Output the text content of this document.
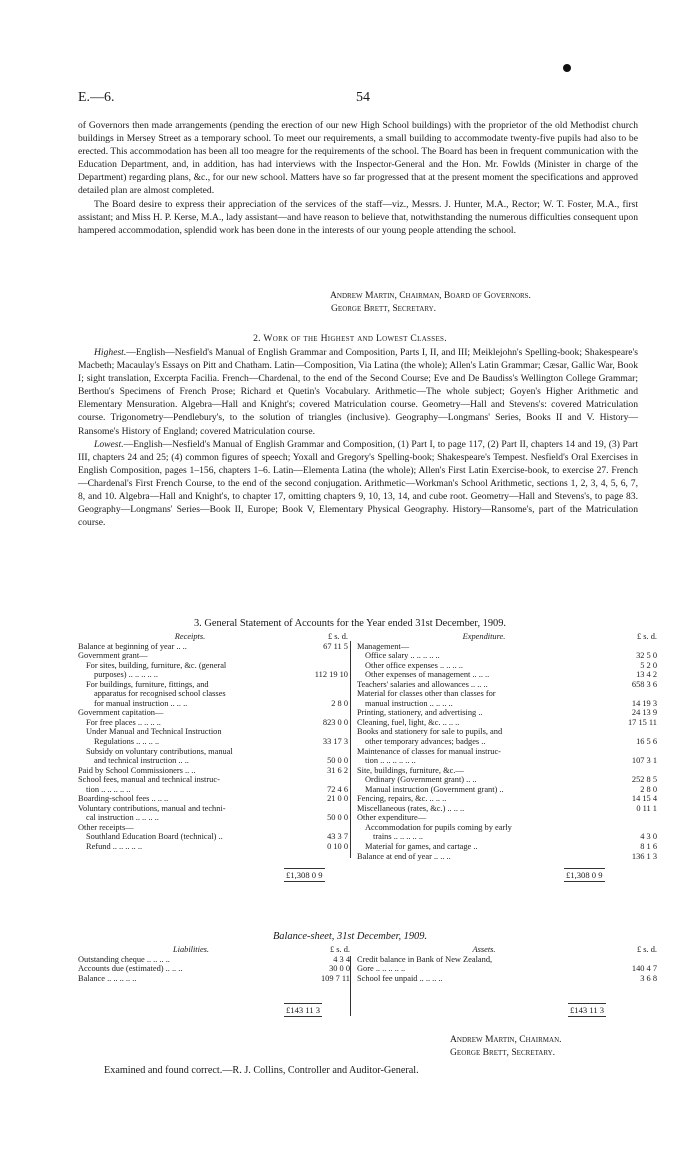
E.—6.	54

of Governors then made arrangements (pending the erection of our new High School buildings) with the proprietor of the old Methodist church buildings in Mersey Street as a temporary school. To meet our requirements, a small building to accommodate twenty-five pupils had also to be erected. This accommodation has been all too meagre for the requirements of the school. The Board has been in frequent communication with the Education Department, and, in addition, has had interviews with the Inspector-General and the Hon. Mr. Fowlds (Minister in charge of the Department) regarding plans, &c., for our new school. Matters have so far progressed that at the present moment the specifications and approved detailed plan are almost completed.

The Board desire to express their appreciation of the services of the staff—viz., Messrs. J. Hunter, M.A., Rector; W. T. Foster, M.A., first assistant; and Miss H. P. Kerse, M.A., lady assistant—and have reason to believe that, notwithstanding the numerous difficulties consequent upon hampered accommodation, splendid work has been done in the interests of our young people attending the school.

Andrew Martin, Chairman, Board of Governors.
George Brett, Secretary.
2. Work of the Highest and Lowest Classes.

Highest.—English—Nesfield's Manual of English Grammar and Composition, Parts I, II, and III; Meiklejohn's Spelling-book; Shakespeare's Macbeth; Macaulay's Essays on Pitt and Chatham. Latin—Composition, Via Latina (the whole); Allen's Latin Grammar; Cæsar, Gallic War, Book I; sight translation, Excerpta Facilia. French—Chardenal, to the end of the Second Course; Eve and De Baudiss's Wellington College Grammar; Berthou's Specimens of French Prose; Richard et Quetin's Vocabulary. Arithmetic—The whole subject; Goyen's Higher Arithmetic and Elementary Mensuration. Algebra—Hall and Knight's; covered Matriculation course. Geometry—Hall and Stevens's: covered Matriculation course. Trigonometry—Pendlebury's, to the solution of triangles (inclusive). Geography—Longmans' Series, Books II and V. History—Ransome's History of England; covered Matriculation course.

Lowest.—English—Nesfield's Manual of English Grammar and Composition, (1) Part I, to page 117, (2) Part II, chapters 14 and 19, (3) Part III, chapters 24 and 25; (4) common figures of speech; Yoxall and Gregory's Spelling-book; Shakespeare's Tempest. Nesfield's Oral Exercises in English Composition, pages 1–156, chapters 1–6. Latin—Elementa Latina (the whole); Allen's First Latin Exercise-book, to exercise 27. French—Chardenal's First French Course, to the end of the second conjugation. Arithmetic—Workman's School Arithmetic, sections 1, 2, 3, 4, 5, 6, 7, 8, and 10. Algebra—Hall and Knight's, to chapter 17, omitting chapters 9, 10, 13, 14, and cube root. Geometry—Hall and Stevens's, to page 83. Geography—Longmans' Series—Book II, Europe; Book V, Elementary Physical Geography. History—Ransome's, part of the Matriculation course.

3. General Statement of Accounts for the Year ended 31st December, 1909.
Receipts.	£ s. d.
Balance at beginning of year .. ..	67 11 5
Government grant—
For sites, building, furniture, &c. (general
purposes) .. .. .. .. ..	112 19 10
For buildings, furniture, fittings, and
apparatus for recognised school classes
for manual instruction .. .. ..	2 8 0
Government capitation—
For free places .. .. .. ..	823 0 0
Under Manual and Technical Instruction
Regulations .. .. .. ..	33 17 3
Subsidy on voluntary contributions, manual
and technical instruction .. ..	50 0 0
Paid by School Commissioners .. ..	31 6 2
School fees, manual and technical instruc-
tion .. .. .. .. ..	72 4 6
Boarding-school fees .. .. ..	21 0 0
Voluntary contributions, manual and techni-
cal instruction .. .. .. ..	50 0 0
Other receipts—
Southland Education Board (technical) ..	43 3 7
Refund .. .. .. .. ..	0 10 0
Expenditure.	£ s. d.
Management—
Office salary .. .. .. .. ..	32 5 0
Other office expenses .. .. .. ..	5 2 0
Other expenses of management .. .. ..	13 4 2
Teachers' salaries and allowances .. .. ..	658 3 6
Material for classes other than classes for
manual instruction .. .. .. ..	14 19 3
Printing, stationery, and advertising ..	24 13 9
Cleaning, fuel, light, &c. .. .. ..	17 15 11
Books and stationery for sale to pupils, and
other temporary advances; badges ..	16 5 6
Maintenance of classes for manual instruc-
tion .. .. .. .. .. ..	107 3 1
Site, buildings, furniture, &c.—
Ordinary (Government grant) .. ..	252 8 5
Manual instruction (Government grant) ..	2 8 0
Fencing, repairs, &c. .. .. ..	14 15 4
Miscellaneous (rates, &c.) .. .. ..	0 11 1
Other expenditure—
Accommodation for pupils coming by early
trains .. .. .. .. ..	4 3 0
Material for games, and cartage ..	8 1 6
Balance at end of year .. .. ..	136 1 3
£1,308 0 9	£1,308 0 9
Balance-sheet, 31st December, 1909.
Liabilities.	£ s. d.
Outstanding cheque .. .. .. ..	4 3 4
Accounts due (estimated) .. .. ..	30 0 0
Balance .. .. .. .. ..	109 7 11
Assets.	£ s. d.
Credit balance in Bank of New Zealand,
Gore .. .. .. .. ..	140 4 7
School fee unpaid .. .. .. ..	3 6 8
£143 11 3	£143 11 3
Andrew Martin, Chairman.
George Brett, Secretary.
Examined and found correct.—R. J. Collins, Controller and Auditor-General.
